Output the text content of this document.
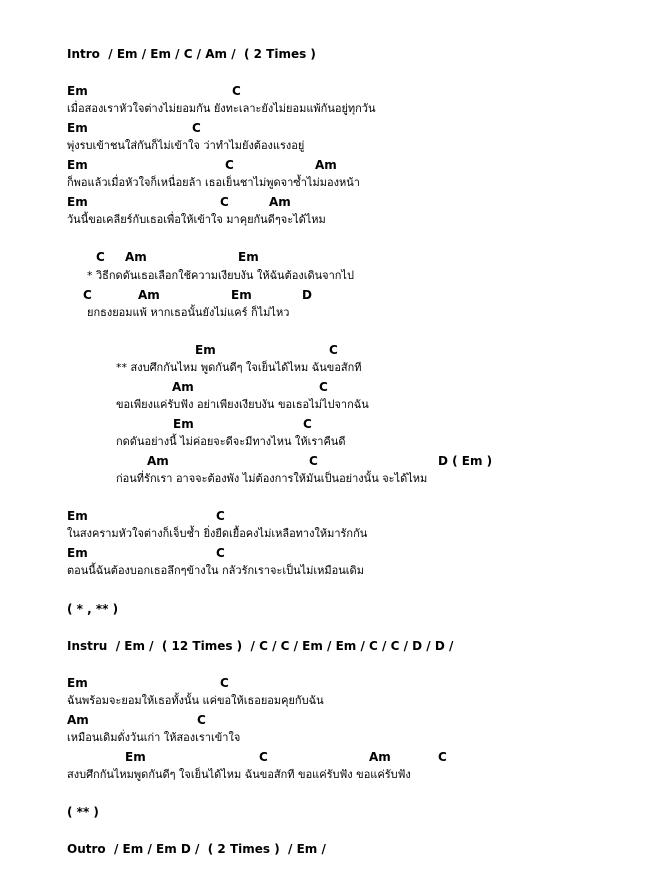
Intro  / Em / Em / C / Am /  ( 2 Times )
Em	C
เมื่อสองเราหัวใจต่างไม่ยอมกัน ยังทะเลาะยังไม่ยอมแพ้กันอยู่ทุกวัน
Em	C
พุ่งรบเข้าชนใส่กันก็ไม่เข้าใจ ว่าทำไมยังต้องแรงอยู่
Em	C	Am
ก็พอแล้วเมื่อหัวใจก็เหนื่อยล้า เธอเย็นชาไม่พูดจาซ้ำไม่มองหน้า
Em	C	Am
วันนี้ขอเคลียร์กับเธอเพื่อให้เข้าใจ มาคุยกันดีๆจะได้ไหม
C Am	Em
* วิธีกดดันเธอเลือกใช้ความเงียบงัน ให้ฉันต้องเดินจากไป
C	Am	Em	D
ยกธงยอมแพ้ หากเธอนั้นยังไม่แคร์ ก็ไม่ไหว
Em	C
** สงบศึกกันไหม พูดกันดีๆ ใจเย็นได้ไหม ฉันขอสักที
Am	C
ขอเพียงแค่รับฟัง อย่าเพียงเงียบงัน ขอเธอไม่ไปจากฉัน
Em	C
กดดันอย่างนี้ ไม่ค่อยจะดีจะมีทางไหน ให้เราคืนดี
Am	C	D ( Em )
ก่อนที่รักเรา อาจจะต้องพัง ไม่ต้องการให้มันเป็นอย่างนั้น จะได้ไหม
Em	C
ในสงครามหัวใจต่างก็เจ็บช้ำ ยิ่งยืดเยื้อคงไม่เหลือทางให้มารักกัน
Em	C
ตอนนี้ฉันต้องบอกเธอลึกๆข้างใน กลัวรักเราจะเป็นไม่เหมือนเดิม
( * , ** )
Instru  / Em /  ( 12 Times )  / C / C / Em / Em / C / C / D / D /
Em	C
ฉันพร้อมจะยอมให้เธอทั้งนั้น แค่ขอให้เธอยอมคุยกับฉัน
Am	C
เหมือนเดิมดั่งวันเก่า ให้สองเราเข้าใจ
Em	C	Am	C
สงบศึกกันไหมพูดกันดีๆ ใจเย็นได้ไหม ฉันขอสักที ขอแค่รับฟัง ขอแค่รับฟัง
( ** )
Outro  / Em / Em D /  ( 2 Times )  / Em /
